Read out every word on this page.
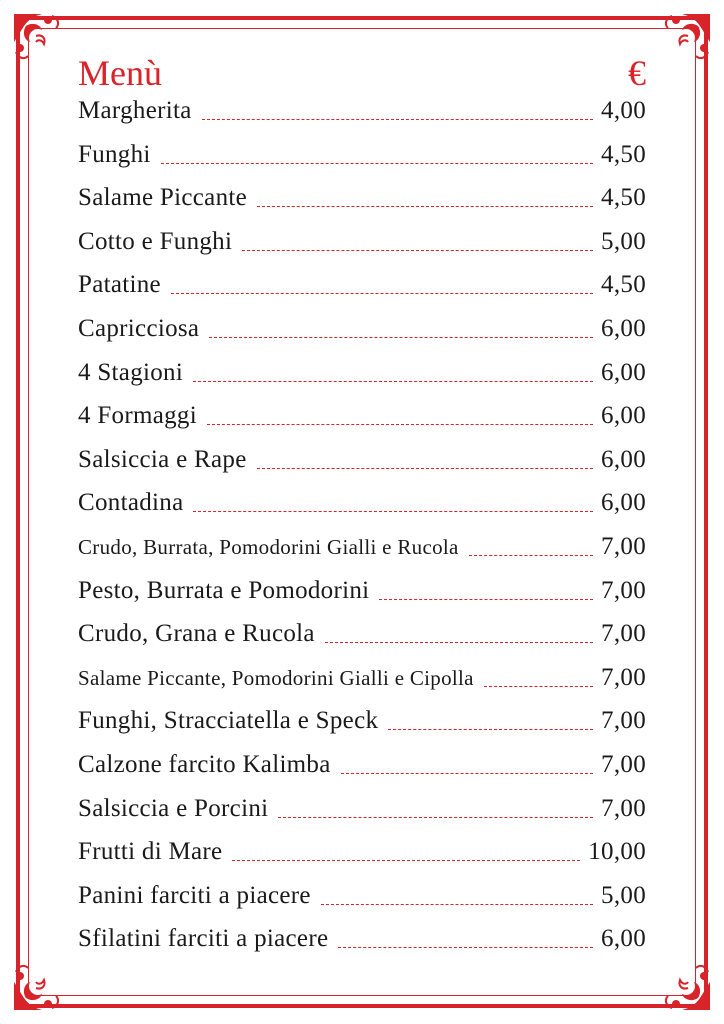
Menù	€
Margherita	4,00
Funghi	4,50
Salame Piccante	4,50
Cotto e Funghi	5,00
Patatine	4,50
Capricciosa	6,00
4 Stagioni	6,00
4 Formaggi	6,00
Salsiccia e Rape	6,00
Contadina	6,00
Crudo, Burrata, Pomodorini Gialli e Rucola	7,00
Pesto, Burrata e Pomodorini	7,00
Crudo, Grana e Rucola	7,00
Salame Piccante, Pomodorini Gialli e Cipolla	7,00
Funghi, Stracciatella e Speck	7,00
Calzone farcito Kalimba	7,00
Salsiccia e Porcini	7,00
Frutti di Mare	10,00
Panini farciti a piacere	5,00
Sfilatini farciti a piacere	6,00
